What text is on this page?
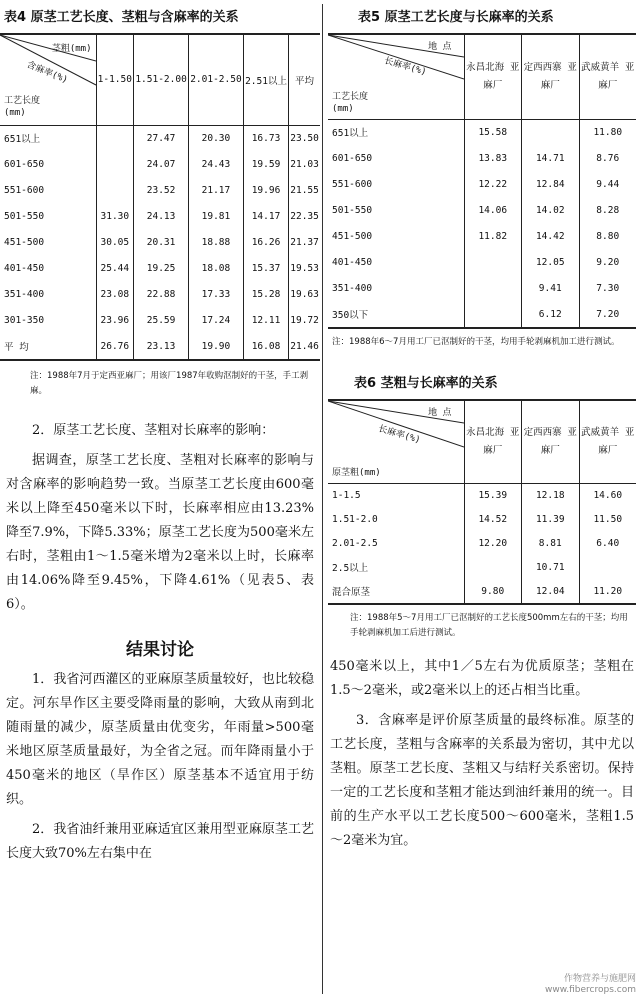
表4 原茎工艺长度、茎粗与含麻率的关系
茎粗(mm)
含麻率(%)
工艺长度(mm)	1-1.50	1.51-2.00	2.01-2.50	2.51以上	平均
651以上		27.47	20.30	16.73	23.50
601-650		24.07	24.43	19.59	21.03
551-600		23.52	21.17	19.96	21.55
501-550	31.30	24.13	19.81	14.17	22.35
451-500	30.05	20.31	18.88	16.26	21.37
401-450	25.44	19.25	18.08	15.37	19.53
351-400	23.08	22.88	17.33	15.28	19.63
301-350	23.96	25.59	17.24	12.11	19.72
平 均	26.76	23.13	19.90	16.08	21.46
注：1988年7月于定西亚麻厂；用该厂1987年收购沤制好的干茎，手工剥麻。
2．原茎工艺长度、茎粗对长麻率的影响：
据调查，原茎工艺长度、茎粗对长麻率的影响与对含麻率的影响趋势一致。当原茎工艺长度由600毫米以上降至450毫米以下时，长麻率相应由13.23%降至7.9%，下降5.33%；原茎工艺长度为500毫米左右时，茎粗由1～1.5毫米增为2毫米以上时，长麻率由14.06%降至9.45%，下降4.61%（见表5、表6）。
结果讨论
1．我省河西灌区的亚麻原茎质量较好，也比较稳定。河东旱作区主要受降雨量的影响，大致从南到北随雨量的减少，原茎质量由优变劣，年雨量>500毫米地区原茎质量最好，为全省之冠。而年降雨量小于450毫米的地区（旱作区）原茎基本不适宜用于纺织。
2．我省油纤兼用亚麻适宜区兼用型亚麻原茎工艺长度大致70%左右集中在
表5 原茎工艺长度与长麻率的关系
地 点
长麻率(%)
工艺长度(mm)	永昌北海 亚麻厂	定西西寨 亚麻厂	武威黄羊 亚麻厂
651以上	15.58		11.80
601-650	13.83	14.71	8.76
551-600	12.22	12.84	9.44
501-550	14.06	14.02	8.28
451-500	11.82	14.42	8.80
401-450		12.05	9.20
351-400		9.41	7.30
350以下		6.12	7.20
注：1988年6～7月用工厂已沤制好的干茎，均用手轮剥麻机加工进行测试。
表6 茎粗与长麻率的关系
地 点
长麻率(%)
原茎粗(mm)	永昌北海 亚麻厂	定西西寨 亚麻厂	武威黄羊 亚麻厂
1-1.5	15.39	12.18	14.60
1.51-2.0	14.52	11.39	11.50
2.01-2.5	12.20	8.81	6.40
2.5以上		10.71	
混合原茎	9.80	12.04	11.20
注：1988年5～7月用工厂已沤制好的工艺长度500mm左右的干茎；均用手轮剥麻机加工后进行测试。
450毫米以上，其中1／5左右为优质原茎；茎粗在1.5～2毫米，或2毫米以上的还占相当比重。
3．含麻率是评价原茎质量的最终标准。原茎的工艺长度，茎粗与含麻率的关系最为密切，其中尤以茎粗。原茎工艺长度、茎粗又与结籽关系密切。保持一定的工艺长度和茎粗才能达到油纤兼用的统一。目前的生产水平以工艺长度500～600毫米，茎粗1.5～2毫米为宜。
作物营养与施肥网
www.fibercrops.com
